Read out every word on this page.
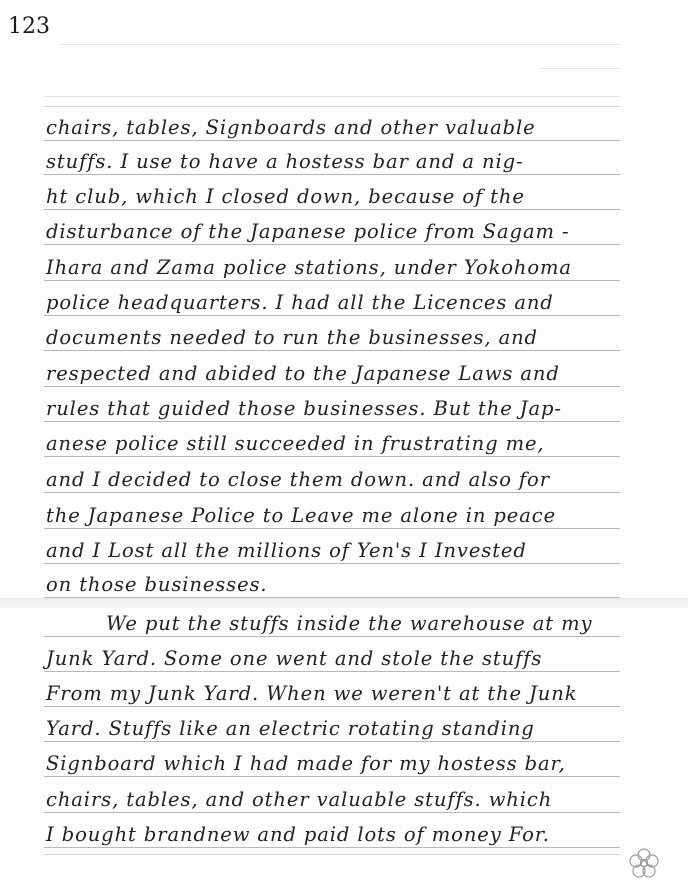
123
chairs, tables, Signboards and other valuable
stuffs. I use to have a hostess bar and a nig-
ht club, which I closed down, because of the
disturbance of the Japanese police from Sagam -
Ihara and Zama police stations, under Yokohoma
police headquarters. I had all the Licences and
documents needed to run the businesses, and
respected and abided to the Japanese Laws and
rules that guided those businesses. But the Jap-
anese police still succeeded in frustrating me,
and I decided to close them down. and also for
the Japanese Police to Leave me alone in peace
and I Lost all the millions of Yen's I Invested
on those businesses.
We put the stuffs inside the warehouse at my
Junk Yard. Some one went and stole the stuffs
From my Junk Yard. When we weren't at the Junk
Yard. Stuffs like an electric rotating standing
Signboard which I had made for my hostess bar,
chairs, tables, and other valuable stuffs. which
I bought brandnew and paid lots of money For.
